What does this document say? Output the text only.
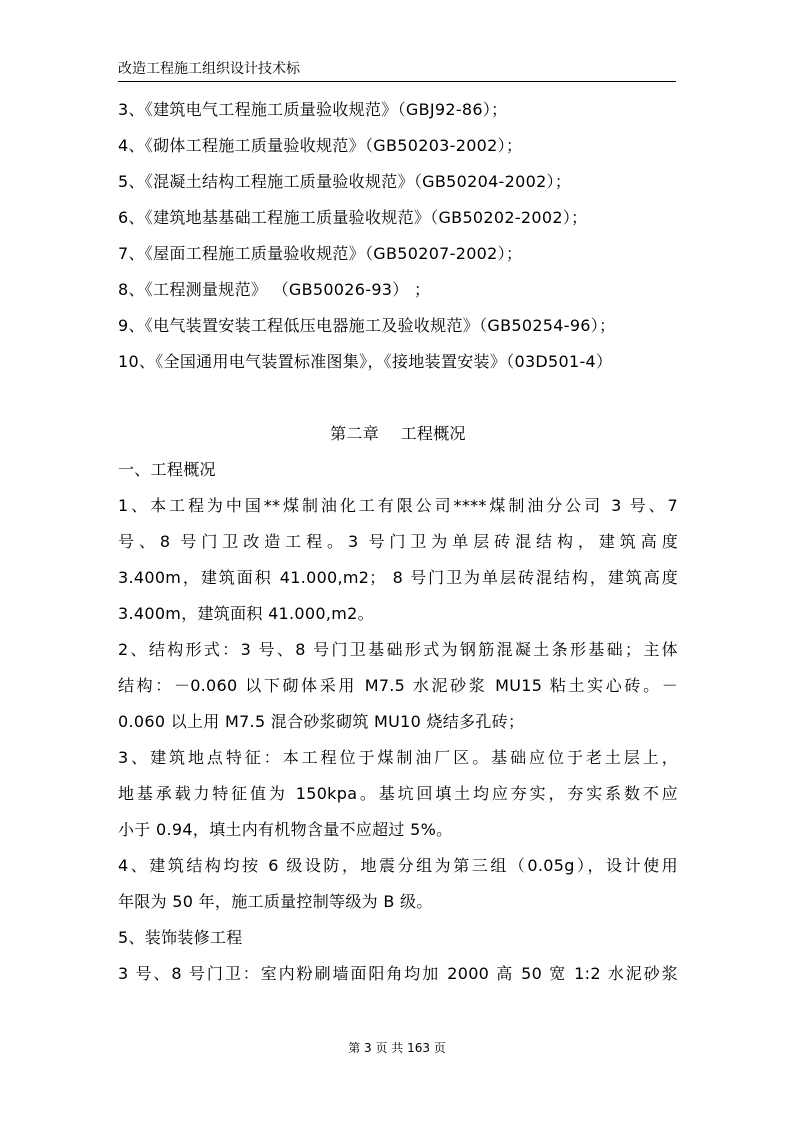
改造工程施工组织设计技术标
3、《建筑电气工程施工质量验收规范》（GBJ92-86）；
4、《砌体工程施工质量验收规范》（GB50203-2002）；
5、《混凝土结构工程施工质量验收规范》（GB50204-2002）；
6、《建筑地基基础工程施工质量验收规范》（GB50202-2002）；
7、《屋面工程施工质量验收规范》（GB50207-2002）；
8、《工程测量规范》 （GB50026-93） ；
9、《电气装置安装工程低压电器施工及验收规范》（GB50254-96）；
10、《全国通用电气装置标准图集》，《接地装置安装》（03D501-4）
第二章    工程概况
一、工程概况
1、本工程为中国**煤制油化工有限公司****煤制油分公司 3 号、7
号、8 号门卫改造工程。3 号门卫为单层砖混结构，建筑高度
3.400m，建筑面积 41.000,m2； 8 号门卫为单层砖混结构，建筑高度
3.400m，建筑面积 41.000,m2。
2、结构形式：3 号、8 号门卫基础形式为钢筋混凝土条形基础；主体
结构：－0.060 以下砌体采用 M7.5 水泥砂浆 MU15 粘土实心砖。－
0.060 以上用 M7.5 混合砂浆砌筑 MU10 烧结多孔砖；
3、建筑地点特征：本工程位于煤制油厂区。基础应位于老土层上，
地基承载力特征值为 150kpa。基坑回填土均应夯实，夯实系数不应
小于 0.94，填土内有机物含量不应超过 5%。
4、建筑结构均按 6 级设防，地震分组为第三组（0.05g），设计使用
年限为 50 年，施工质量控制等级为 B 级。
5、装饰装修工程
3 号、8 号门卫：室内粉刷墙面阳角均加 2000 高 50 宽 1:2 水泥砂浆
第 3 页 共 163 页
